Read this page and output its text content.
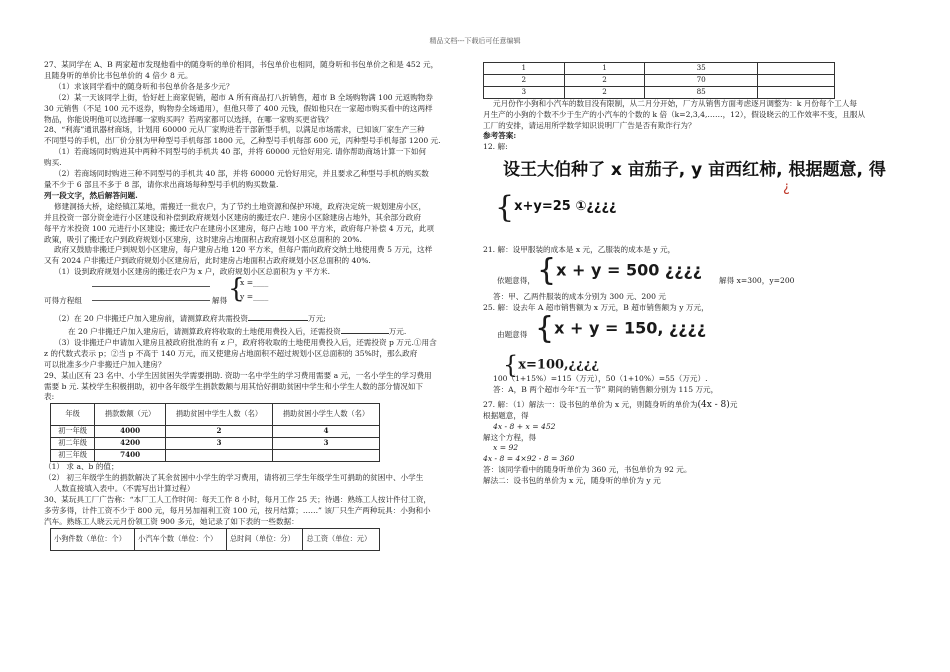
精品文档---下载后可任意编辑

27、某同学在 A、B 两家超市发现他看中的随身听的单价相同，书包单价也相同，随身听和书包单价之和是 452 元，

且随身听的单价比书包单价的 4 倍少 8 元。

（1）求该同学看中的随身听和书包单价各是多少元？

（2）某一天该同学上街，恰好赶上商家促销，超市 A 所有商品打八折销售，超市 B 全场购物满 100 元返购物券

30 元销售（不足 100 元不返券，购物券全场通用），但他只带了 400 元钱，假如他只在一家超市购买看中的这两样

物品，你能说明他可以选择哪一家购买吗？若两家都可以选择，在哪一家购买更省钱？

28、“利海”通讯器材商场，计划用 60000 元从厂家购进若干部新型手机，以满足市场需求，已知该厂家生产三种

不同型号的手机，出厂价分别为甲种型号手机每部 1800 元，乙种型号手机每部 600 元，丙种型号手机每部 1200 元.

（1）若商场同时购进其中两种不同型号的手机共 40 部，并将 60000 元恰好用完. 请你帮助商场计算一下如何

购买.

（2）若商场同时购进三种不同型号的手机共 40 部，并将 60000 元恰好用完，并且要求乙种型号手机的购买数

量不少于 6 部且不多于 8 部，请你求出商场每种型号手机的购买数量.

列一段文字，然后解答问题.

修建洞扬大桥，途经镇江某地，需搬迁一批农户，为了节约土地资源和保护环境，政府决定统一规划建房小区，

并且投资一部分资金进行小区建设和补偿到政府规划小区建房的搬迁农户. 建房小区除建房占地外，其余部分政府

每平方米投资 100 元进行小区建设；搬迁农户在建房小区建房，每户占地 100 平方米，政府每户补偿 4 万元，此项

政策，吸引了搬迁农户到政府规划小区建房，这时建房占地面积占政府规划小区总面积的 20%.

政府又鼓励非搬迁户到规划小区建房，每户建房占地 120 平方米，但每户需向政府交纳土地使用费 5 万元，这样

又有 2024 户非搬迁户到政府规划小区建房后，此时建房占地面积占政府规划小区总面积的 40%.

（1）设到政府规划小区建房的搬迁农户为 x 户，政府规划小区总面积为 y 平方米.

可得方程组	解得 {
x =____
y =____

（2）在 20 户非搬迁户加入建房前，请测算政府共需投资	万元;

在 20 户非搬迁户加入建房后，请测算政府将收取的土地使用费投入后，还需投资	万元.

（3）设非搬迁户申请加入建房且被政府批准的有 z 户，政府将收取的土地使用费投入后，还需投资 p 万元.①用含

z 的代数式表示 p；②当 p 不高于 140 万元，而又使建房占地面积不超过规划小区总面积的 35%时，那么政府

可以批准多少户非搬迁户加入建房？

29、某山区有 23 名中、小学生因贫困失学需要捐助. 资助一名中学生的学习费用需要 a 元，一名小学生的学习费用

需要 b 元. 某校学生积极捐助，初中各年级学生捐款数额与用其恰好捐助贫困中学生和小学生人数的部分情况如下

表:

年级	捐款数额（元）	捐助贫困中学生人数（名）	捐助贫困小学生人数（名）
初一年级	4000	2	4
初二年级	4200	3	3
初三年级	7400		

（1） 求 a、b 的值；

（2） 初三年级学生的捐款解决了其余贫困中小学生的学习费用，请将初三学生年级学生可捐助的贫困中、小学生

人数直接填入表中。（不需写出计算过程）

30、某玩具工厂广告称：“本厂工人工作时间：每天工作 8 小时，每月工作 25 天；待遇：熟练工人按计件付工资，

多劳多得，计件工资不少于 800 元，每月另加福利工资 100 元，按月结算；……” 该厂只生产两种玩具：小狗和小

汽车。熟练工人晓云元月份领工资 900 多元，她记录了如下表的一些数据：

小狗件数（单位：个）	小汽车个数（单位：个）	总时间（单位：分）	总工资（单位：元）
1	1	35	
2	2	70	
3	2	85	

元月份作小狗和小汽车的数目没有限制，从二月分开始，厂方从销售方面考虑逐月调整为：k 月份每个工人每

月生产的小狗的个数不少于生产的小汽车的个数的 k 倍（k=2,3,4,……，12），假设晓云的工作效率不变，且服从

工厂的安排，请运用所学数学知识说明厂广告是否有欺诈行为？

参考答案:

12. 解:

设王大伯种了 x 亩茄子, y 亩西红柿, 根据题意, 得
¿
{x+y=25 ①¿¿¿¿

21. 解：设甲服装的成本是 x 元，乙服装的成本是 y 元，

依题意得， {x + y = 500 ¿¿¿¿
解得 x=300，y=200

答：甲、乙两件服装的成本分别为 300 元、200 元

25. 解：设去年 A 超市销售额为 x 万元，B 超市销售额为 y 万元，

由题意得 {x + y = 150, ¿¿¿¿
{x=100,¿¿¿¿

100（1+15%）=115（万元），50（1+10%）=55（万元）.

答：A，B 两个超市今年“五一节” 期间的销售额分别为 115 万元，

27. 解：（1）解法一：设书包的单价为 x 元，则随身听的单价为(4x - 8)元

根据题意，得

4x - 8 + x = 452

解这个方程，得

x = 92

4x - 8 = 4×92 - 8 = 360

答：该同学看中的随身听单价为 360 元，书包单价为 92 元。

解法二：设书包的单价为 x 元，随身听的单价为 y 元
